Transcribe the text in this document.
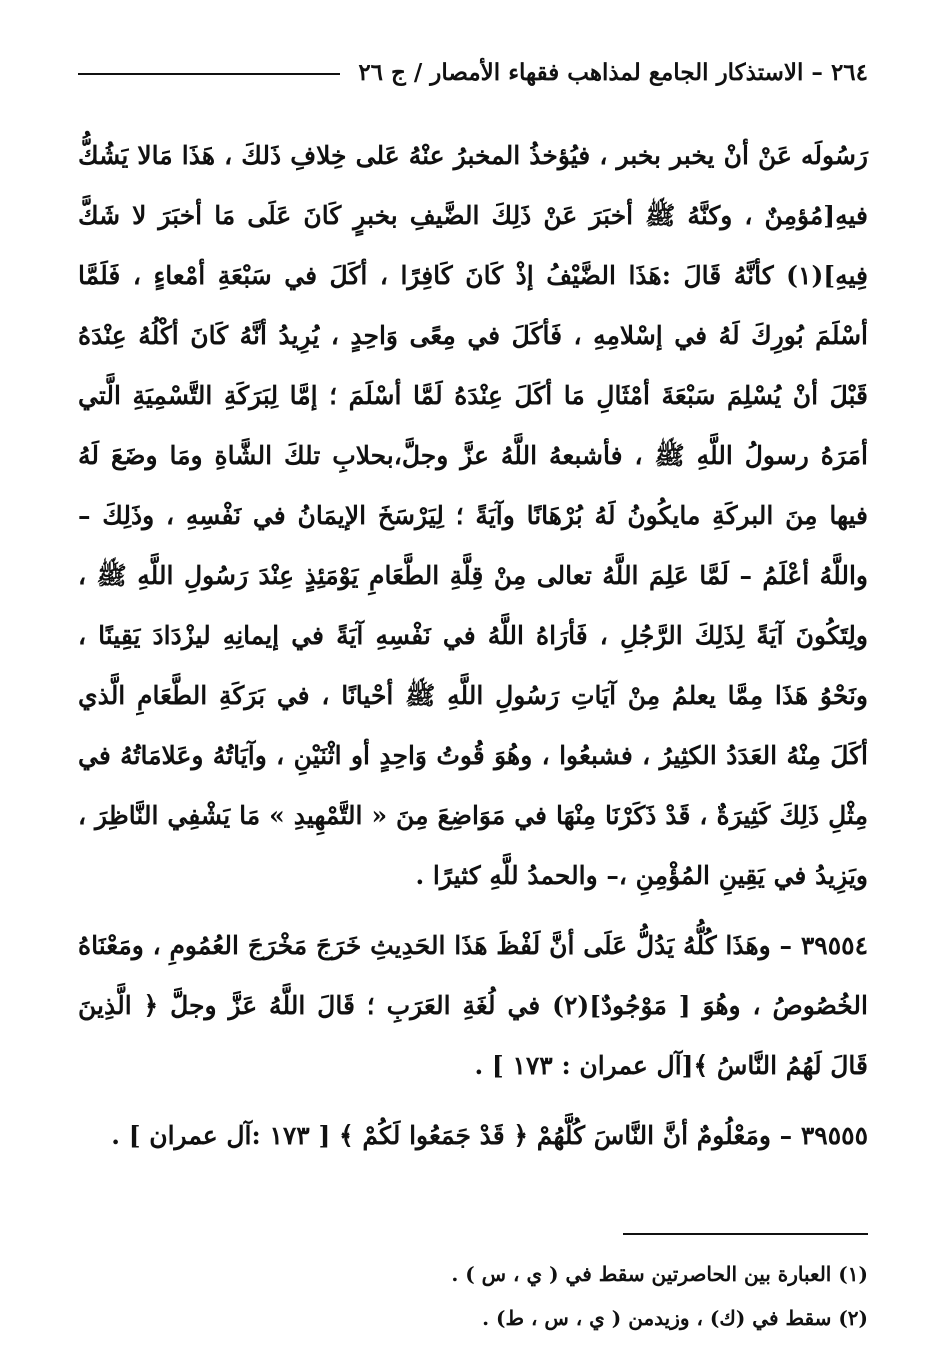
٢٦٤ – الاستذكار الجامع لمذاهب فقهاء الأمصار / ج ٢٦

رَسُولَه عَنْ أنْ يخبر بخبر ، فيُؤخذُ المخبرُ عنْهُ عَلى خِلافِ ذَلكَ ، هَذَا مَالا يَشُكُّ فيهِ[مُؤمِنٌ ، وكنَّهُ ﷺ أخبَرَ عَنْ ذَلِكَ الضَّيفِ بخبرٍ كَانَ عَلَى مَا أخبَرَ لا شَكَّ فِيهِ](١) كأنَّهُ قَالَ :هَذَا الضَّيْفُ إذْ كَانَ كَافِرًا ، أكَلَ في سَبْعَةِ أمْعاءٍ ، فَلَمَّا أسْلَمَ بُورِكَ لَهُ في إسْلامِهِ ، فَأكَلَ في مِعًى وَاحِدٍ ، يُرِيدُ أنَّهُ كَانَ أكْلُهُ عِنْدَهُ قَبْلَ أنْ يُسْلِمَ سَبْعَةَ أمْثَالِ مَا أكَلَ عِنْدَهُ لَمَّا أسْلَمَ ؛ إمَّا لِبَرَكَةِ التَّسْمِيَةِ الَّتي أمَرَهُ رسولُ اللَّهِ ﷺ ، فأشبعهُ اللَّهُ عزَّ وجلَّ،بحلابِ تلكَ الشَّاةِ ومَا وضَعَ لَهُ فيها مِنَ البركَةِ مايكُونُ لَهُ بُرْهَانًا وآيَةً ؛ لِيَرْسَخَ الإيمَانُ في نَفْسِهِ ، وذَلِكَ – واللَّهُ أعْلَمُ – لَمَّا عَلِمَ اللَّهُ تعالى مِنْ قِلَّةِ الطَّعَامِ يَوْمَئِذٍ عِنْدَ رَسُولِ اللَّهِ ﷺ ، ولِتَكُونَ آيَةً لِذَلِكَ الرَّجُلِ ، فَأرَاهُ اللَّهُ في نَفْسِهِ آيَةً في إيمانِهِ ليزْدَادَ يَقِينًا ، ونَحْوُ هَذَا مِمَّا يعلمُ مِنْ آيَاتِ رَسُولِ اللَّهِ ﷺ أحْيانًا ، في بَرَكَةِ الطَّعَامِ الَّذي أكَلَ مِنْهُ العَدَدُ الكثِيرُ ، فشبعُوا ، وهُوَ قُوتُ وَاحِدٍ أو اثْنَيْنِ ، وآيَاتُهُ وعَلامَاتُهُ في مِثْلِ ذَلِكَ كَثِيرَةٌ ، قَدْ ذَكَرْنَا مِنْهَا في مَوَاضِعَ مِنَ « التَّمْهِيدِ » مَا يَشْفِي النَّاظِرَ ، ويَزِيدُ في يَقِينِ المُؤْمِنِ ،– والحمدُ للَّهِ كثيرًا .

٣٩٥٥٤ – وهَذَا كُلُّهُ يَدُلُّ عَلَى أنَّ لَفْظَ هَذَا الحَدِيثِ خَرَجَ مَخْرَجَ العُمُومِ ، ومَعْنَاهُ الخُصُوصُ ، وهُوَ [ مَوْجُودٌ](٢) في لُغَةِ العَرَبِ ؛ قَالَ اللَّهُ عَزَّ وجلَّ ﴿ الَّذِينَ قَالَ لَهُمُ النَّاسُ ﴾[آل عمران : ١٧٣ ] .

٣٩٥٥٥ – ومَعْلُومٌ أنَّ النَّاسَ كُلَّهُمْ ﴿ قَدْ جَمَعُوا لَكُمْ ﴾ [ ١٧٣ :آل عمران ] .

(١) العبارة بين الحاصرتين سقط في ( ي ، س ) .

(٢) سقط في (ك) ، وزيدمن ( ي ، س ، ط) .
